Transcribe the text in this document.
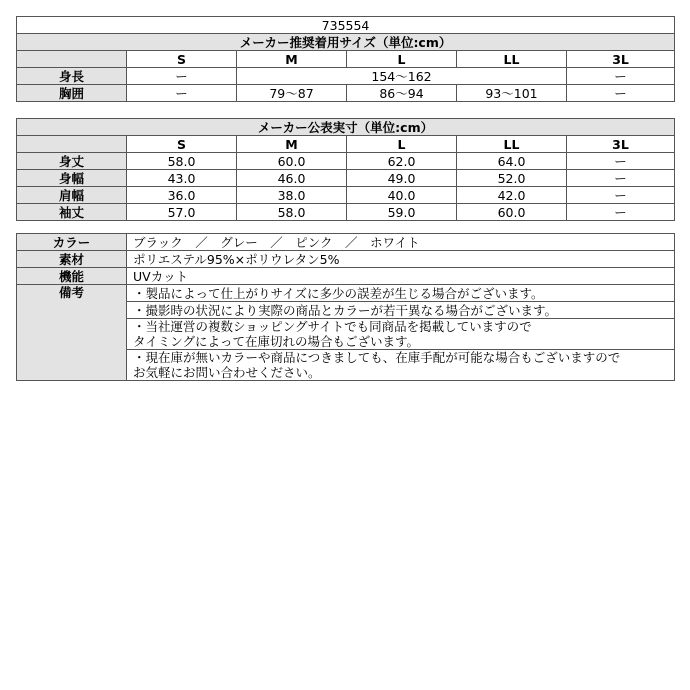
735554					
メーカー推奨着用サイズ（単位:cm）					
	S	M	L	LL	3L
身長	ー	154〜162			ー
胸囲	ー	79〜87	86〜94	93〜101	ー
メーカー公表実寸（単位:cm）					
	S	M	L	LL	3L
身丈	58.0	60.0	62.0	64.0	ー
身幅	43.0	46.0	49.0	52.0	ー
肩幅	36.0	38.0	40.0	42.0	ー
袖丈	57.0	58.0	59.0	60.0	ー
カラー	ブラック　／　グレー　／　ピンク　／　ホワイト
素材	ポリエステル95%×ポリウレタン5%
機能	UVカット
備考	・製品によって仕上がりサイズに多少の誤差が生じる場合がございます。

	・撮影時の状況により実際の商品とカラーが若干異なる場合がございます。

	・当社運営の複数ショッピングサイトでも同商品を掲載していますので
タイミングによって在庫切れの場合もございます。

	・現在庫が無いカラーや商品につきましても、在庫手配が可能な場合もございますので
お気軽にお問い合わせください。
